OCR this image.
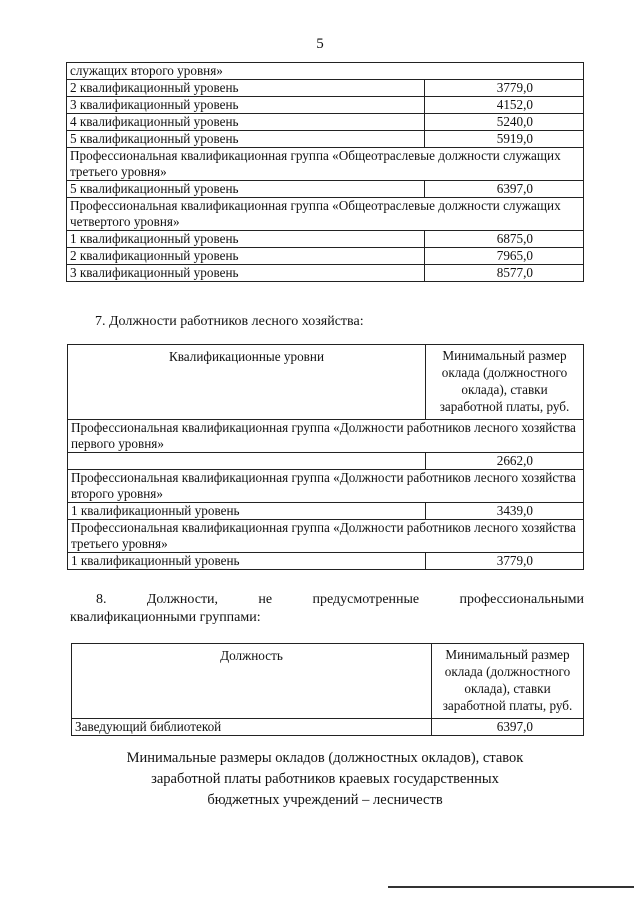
5
служащих второго уровня»	
2 квалификационный уровень	3779,0
3 квалификационный уровень	4152,0
4 квалификационный уровень	5240,0
5 квалификационный уровень	5919,0
Профессиональная квалификационная группа «Общеотраслевые должности служащих третьего уровня»	
5 квалификационный уровень	6397,0
Профессиональная квалификационная группа «Общеотраслевые должности служащих четвертого уровня»	
1 квалификационный уровень	6875,0
2 квалификационный уровень	7965,0
3 квалификационный уровень	8577,0
7. Должности работников лесного хозяйства:
Квалификационные уровни	Минимальный размер оклада (должностного оклада), ставки заработной платы, руб.
Профессиональная квалификационная группа «Должности работников лесного хозяйства первого уровня»	
	2662,0
Профессиональная квалификационная группа «Должности работников лесного хозяйства второго уровня»	
1 квалификационный уровень	3439,0
Профессиональная квалификационная группа «Должности работников лесного хозяйства третьего уровня»	
1 квалификационный уровень	3779,0
8.	Должности,	не	предусмотренные	профессиональными
квалификационными группами:
Должность	Минимальный размер оклада (должностного оклада), ставки заработной платы, руб.
Заведующий библиотекой	6397,0
Минимальные размеры окладов (должностных окладов), ставок заработной платы работников краевых государственных бюджетных учреждений – лесничеств
